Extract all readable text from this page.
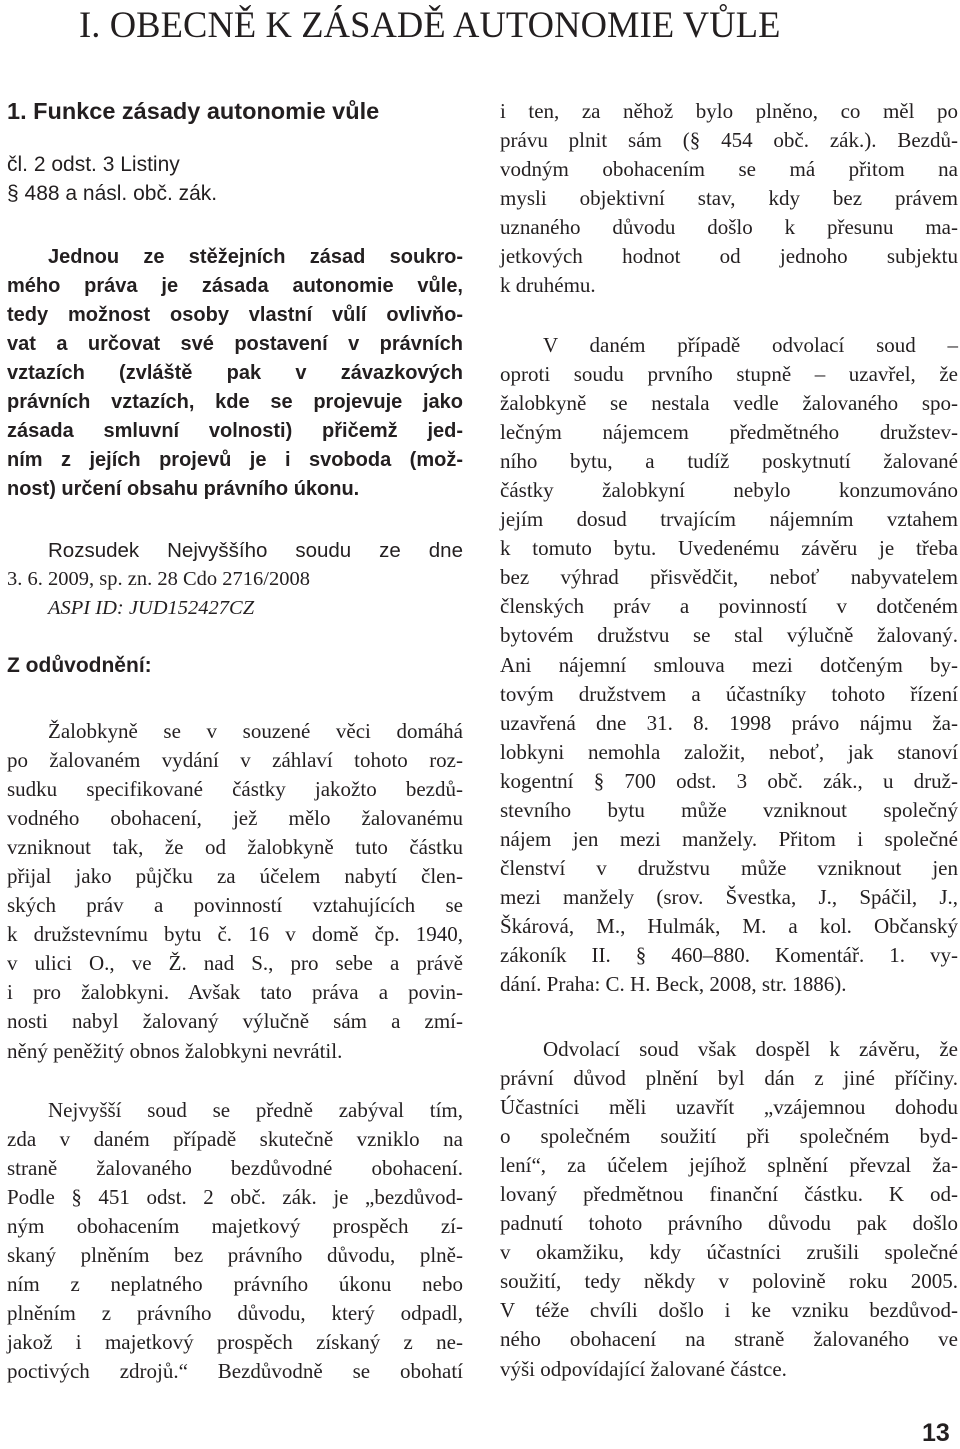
I. OBECNĚ K ZÁSADĚ AUTONOMIE VŮLE
1. Funkce zásady autonomie vůle
čl. 2 odst. 3 Listiny
§ 488 a násl. obč. zák.
Jednou ze stěžejních zásad soukro-
mého práva je zásada autonomie vůle,
tedy možnost osoby vlastní vůlí ovlivňo-
vat a určovat své postavení v právních
vztazích (zvláště pak v závazkových
právních vztazích, kde se projevuje jako
zásada smluvní volnosti) přičemž jed-
ním z jejích projevů je i svoboda (mož-
nost) určení obsahu právního úkonu.
Rozsudek Nejvyššího soudu ze dne
3. 6. 2009, sp. zn. 28 Cdo 2716/2008
ASPI ID: JUD152427CZ
Z odůvodnění:
Žalobkyně se v souzené věci domáhá
po žalovaném vydání v záhlaví tohoto roz-
sudku specifikované částky jakožto bezdů-
vodného obohacení, jež mělo žalovanému
vzniknout tak, že od žalobkyně tuto částku
přijal jako půjčku za účelem nabytí člen-
ských práv a povinností vztahujících se
k družstevnímu bytu č. 16 v domě čp. 1940,
v ulici O., ve Ž. nad S., pro sebe a právě
i pro žalobkyni. Avšak tato práva a povin-
nosti nabyl žalovaný výlučně sám a zmí-
něný peněžitý obnos žalobkyni nevrátil.
Nejvyšší soud se předně zabýval tím,
zda v daném případě skutečně vzniklo na
straně žalovaného bezdůvodné obohacení.
Podle § 451 odst. 2 obč. zák. je „bezdůvod-
ným obohacením majetkový prospěch zí-
skaný plněním bez právního důvodu, plně-
ním z neplatného právního úkonu nebo
plněním z právního důvodu, který odpadl,
jakož i majetkový prospěch získaný z ne-
poctivých zdrojů.“ Bezdůvodně se obohatí
i ten, za něhož bylo plněno, co měl po
právu plnit sám (§ 454 obč. zák.). Bezdů-
vodným obohacením se má přitom na
mysli objektivní stav, kdy bez právem
uznaného důvodu došlo k přesunu ma-
jetkových hodnot od jednoho subjektu
k druhému.
V daném případě odvolací soud –
oproti soudu prvního stupně – uzavřel, že
žalobkyně se nestala vedle žalovaného spo-
lečným nájemcem předmětného družstev-
ního bytu, a tudíž poskytnutí žalované
částky žalobkyní nebylo konzumováno
jejím dosud trvajícím nájemním vztahem
k tomuto bytu. Uvedenému závěru je třeba
bez výhrad přisvědčit, neboť nabyvatelem
členských práv a povinností v dotčeném
bytovém družstvu se stal výlučně žalovaný.
Ani nájemní smlouva mezi dotčeným by-
tovým družstvem a účastníky tohoto řízení
uzavřená dne 31. 8. 1998 právo nájmu ža-
lobkyni nemohla založit, neboť, jak stanoví
kogentní § 700 odst. 3 obč. zák., u druž-
stevního bytu může vzniknout společný
nájem jen mezi manžely. Přitom i společné
členství v družstvu může vzniknout jen
mezi manžely (srov. Švestka, J., Spáčil, J.,
Škárová, M., Hulmák, M. a kol. Občanský
zákoník II. § 460–880. Komentář. 1. vy-
dání. Praha: C. H. Beck, 2008, str. 1886).
Odvolací soud však dospěl k závěru, že
právní důvod plnění byl dán z jiné příčiny.
Účastníci měli uzavřít „vzájemnou dohodu
o společném soužití při společném byd-
lení“, za účelem jejíhož splnění převzal ža-
lovaný předmětnou finanční částku. K od-
padnutí tohoto právního důvodu pak došlo
v okamžiku, kdy účastníci zrušili společné
soužití, tedy někdy v polovině roku 2005.
V téže chvíli došlo i ke vzniku bezdůvod-
ného obohacení na straně žalovaného ve
výši odpovídající žalované částce.
13
